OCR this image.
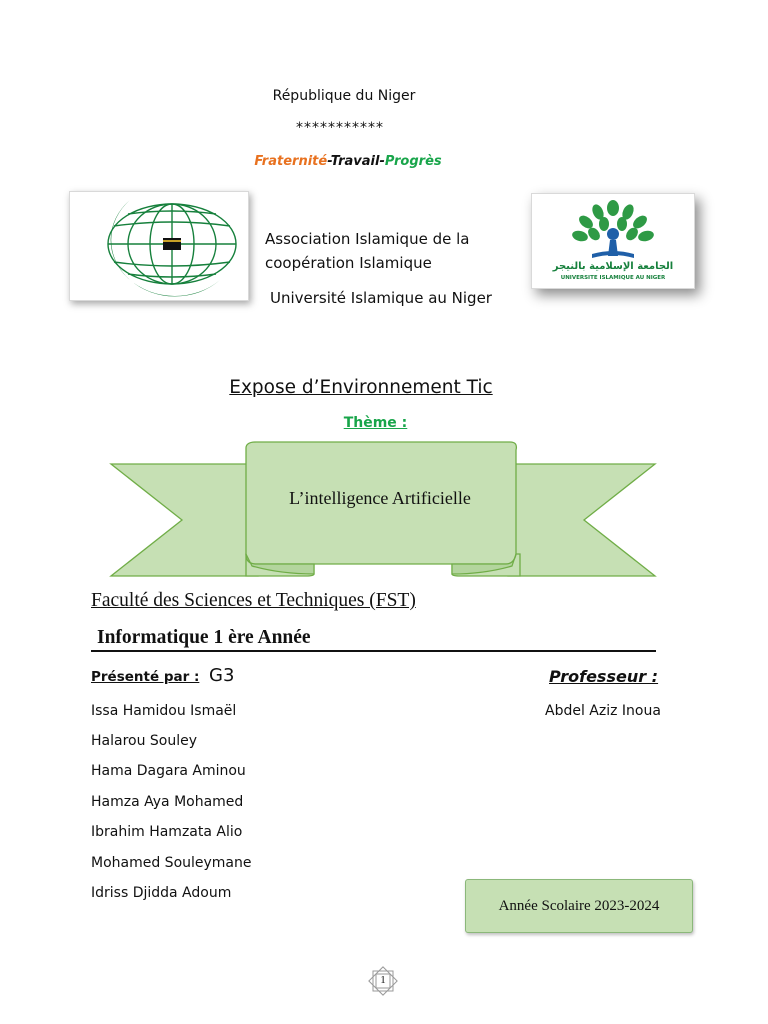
République du Niger
***********
Fraternité-Travail-Progrès
Association Islamique de la
coopération Islamique
Université Islamique au Niger
الجامعة الإسلامية بالنيجر
UNIVERSITE ISLAMIQUE AU NIGER
Expose d’Environnement Tic
Thème :
L’intelligence Artificielle
Faculté des Sciences et Techniques (FST)
Informatique 1 ère Année
Présenté par : G3
Issa Hamidou Ismaël
Halarou Souley
Hama Dagara Aminou
Hamza Aya Mohamed
Ibrahim Hamzata Alio
Mohamed Souleymane
Idriss Djidda Adoum
Professeur :
Abdel Aziz Inoua
Année Scolaire 2023-2024
1
